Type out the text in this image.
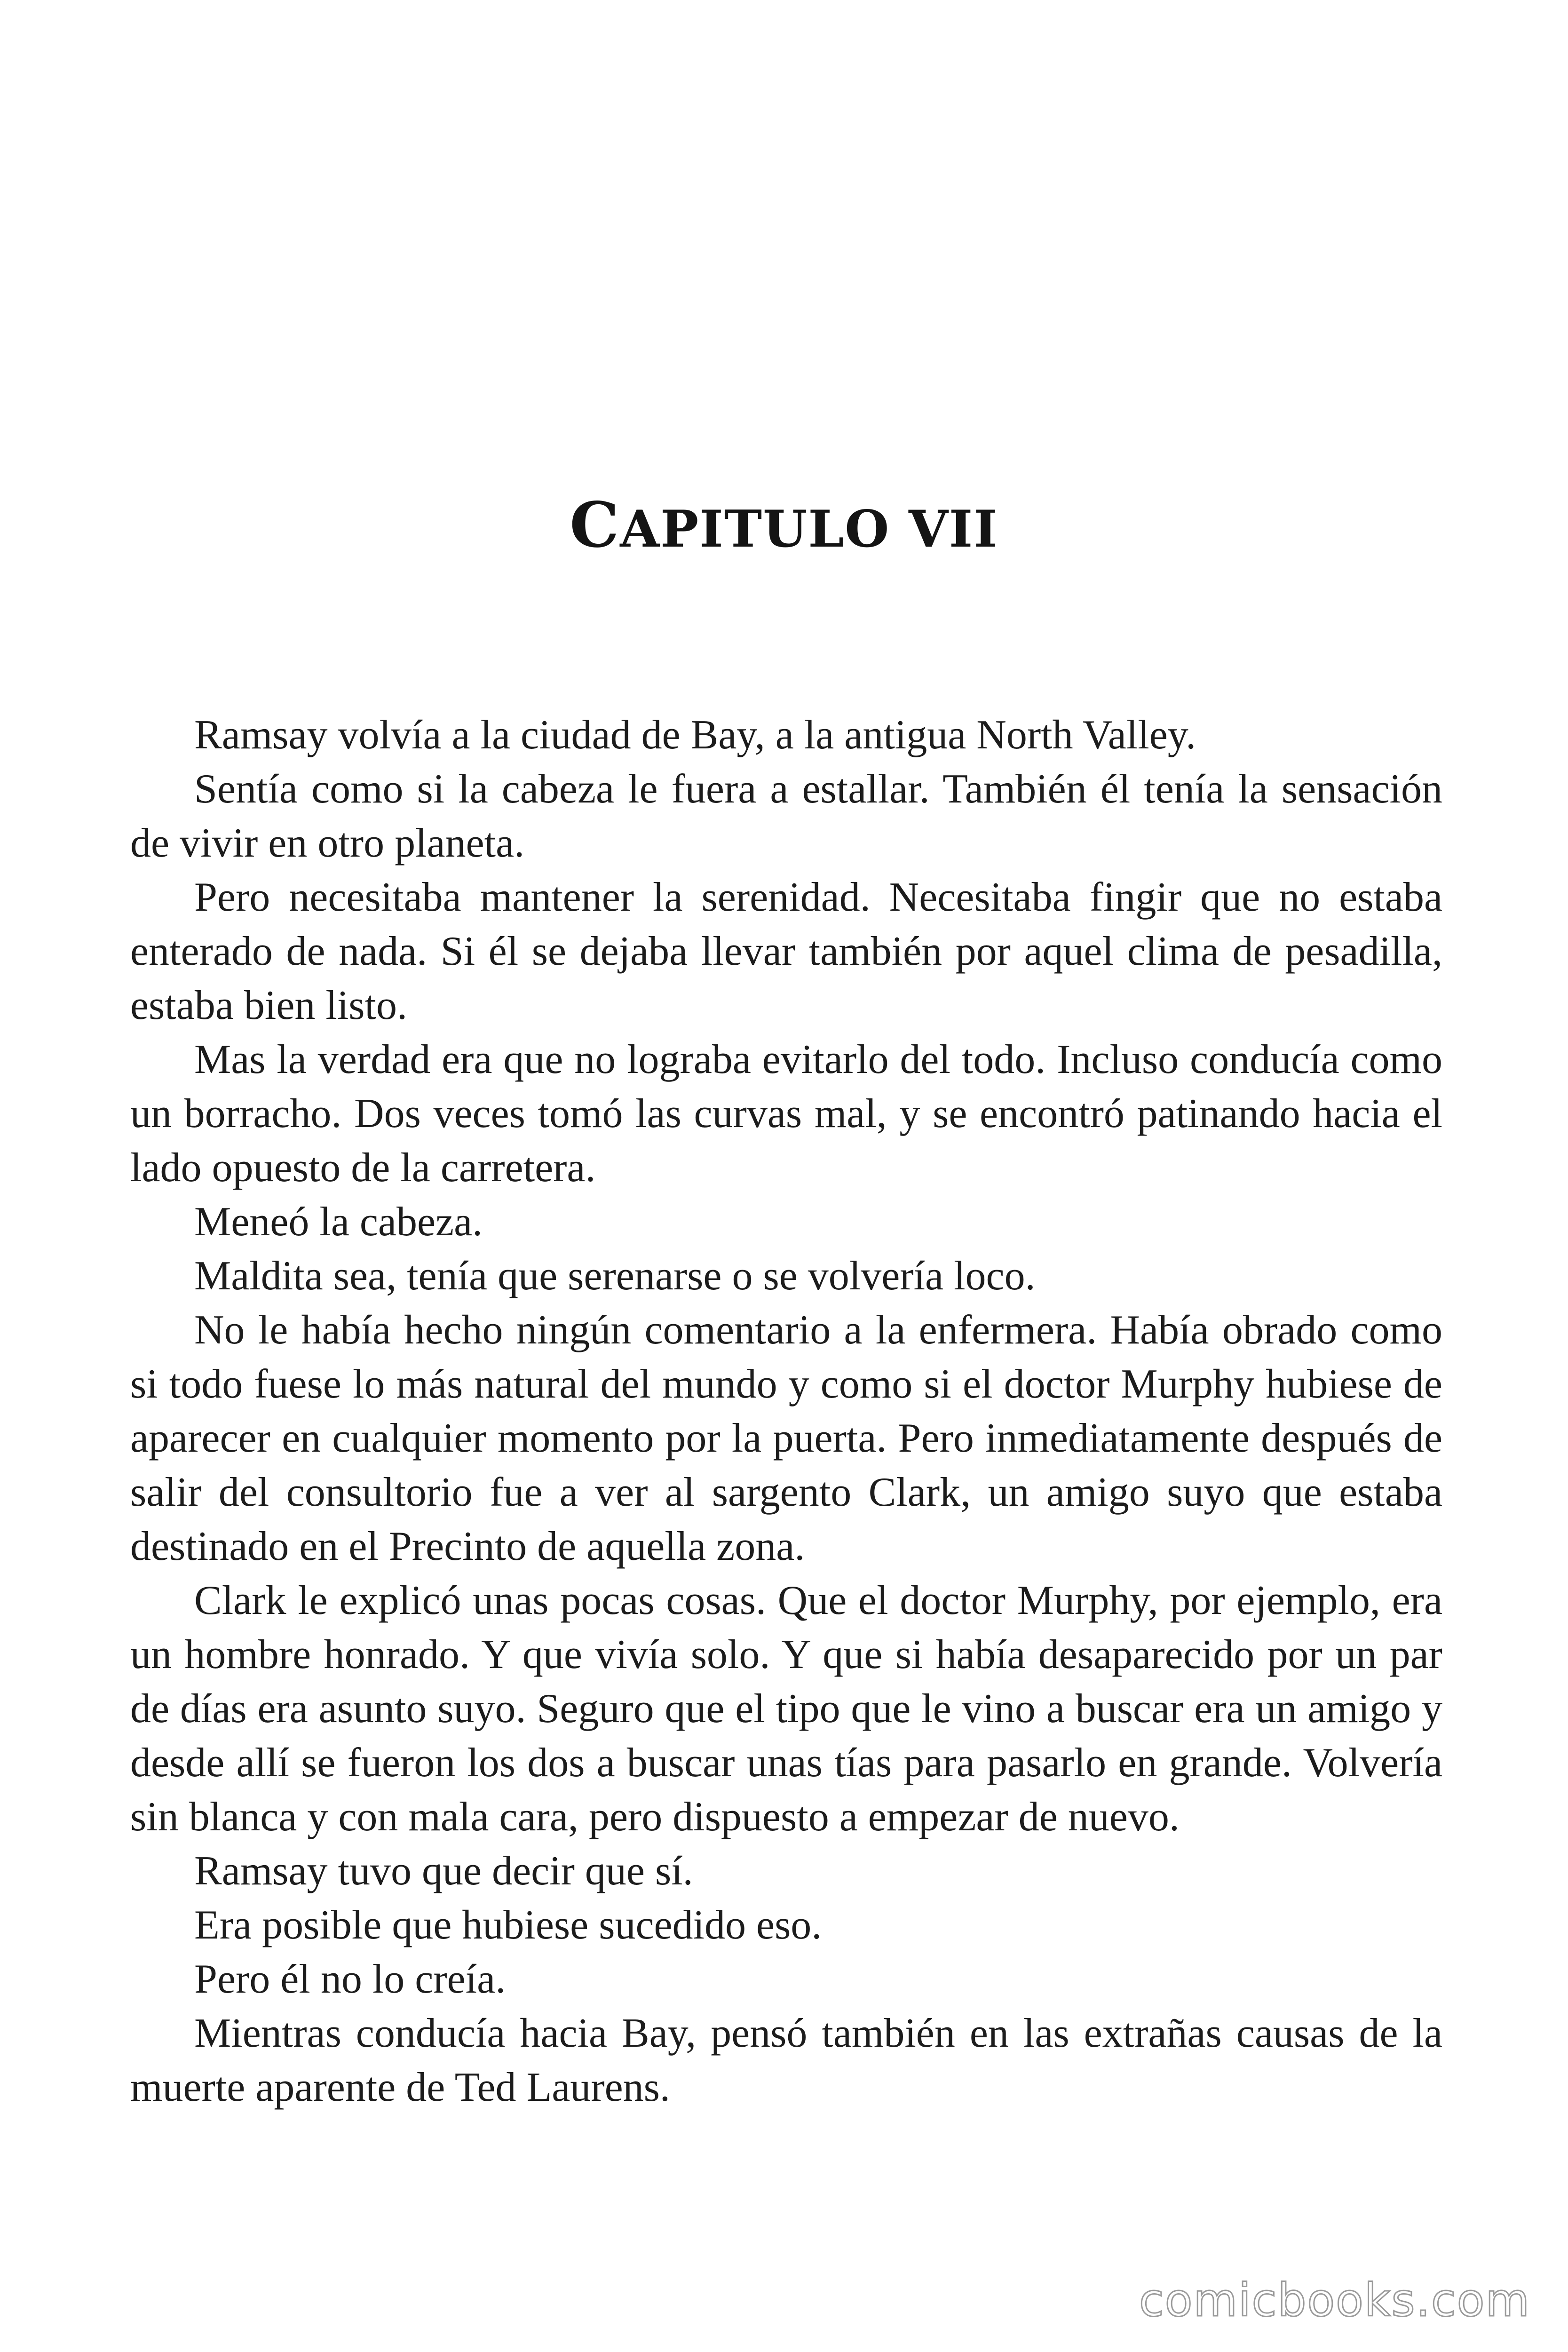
CAPITULO VII

Ramsay volvía a la ciudad de Bay, a la antigua North Valley.

Sentía como si la cabeza le fuera a estallar. También él tenía la sensación de vivir en otro planeta.

Pero necesitaba mantener la serenidad. Necesitaba fingir que no estaba enterado de nada. Si él se dejaba llevar también por aquel clima de pesadilla, estaba bien listo.

Mas la verdad era que no lograba evitarlo del todo. Incluso conducía como un borracho. Dos veces tomó las curvas mal, y se encontró patinando hacia el lado opuesto de la carretera.

Meneó la cabeza.

Maldita sea, tenía que serenarse o se volvería loco.

No le había hecho ningún comentario a la enfermera. Había obrado como si todo fuese lo más natural del mundo y como si el doctor Murphy hubiese de aparecer en cualquier momento por la puerta. Pero inmediatamente después de salir del consultorio fue a ver al sargento Clark, un amigo suyo que estaba destinado en el Precinto de aquella zona.

Clark le explicó unas pocas cosas. Que el doctor Murphy, por ejemplo, era un hombre honrado. Y que vivía solo. Y que si había desaparecido por un par de días era asunto suyo. Seguro que el tipo que le vino a buscar era un amigo y desde allí se fueron los dos a buscar unas tías para pasarlo en grande. Volvería sin blanca y con mala cara, pero dispuesto a empezar de nuevo.

Ramsay tuvo que decir que sí.

Era posible que hubiese sucedido eso.

Pero él no lo creía.

Mientras conducía hacia Bay, pensó también en las extrañas causas de la muerte aparente de Ted Laurens.

comicbooks.com
